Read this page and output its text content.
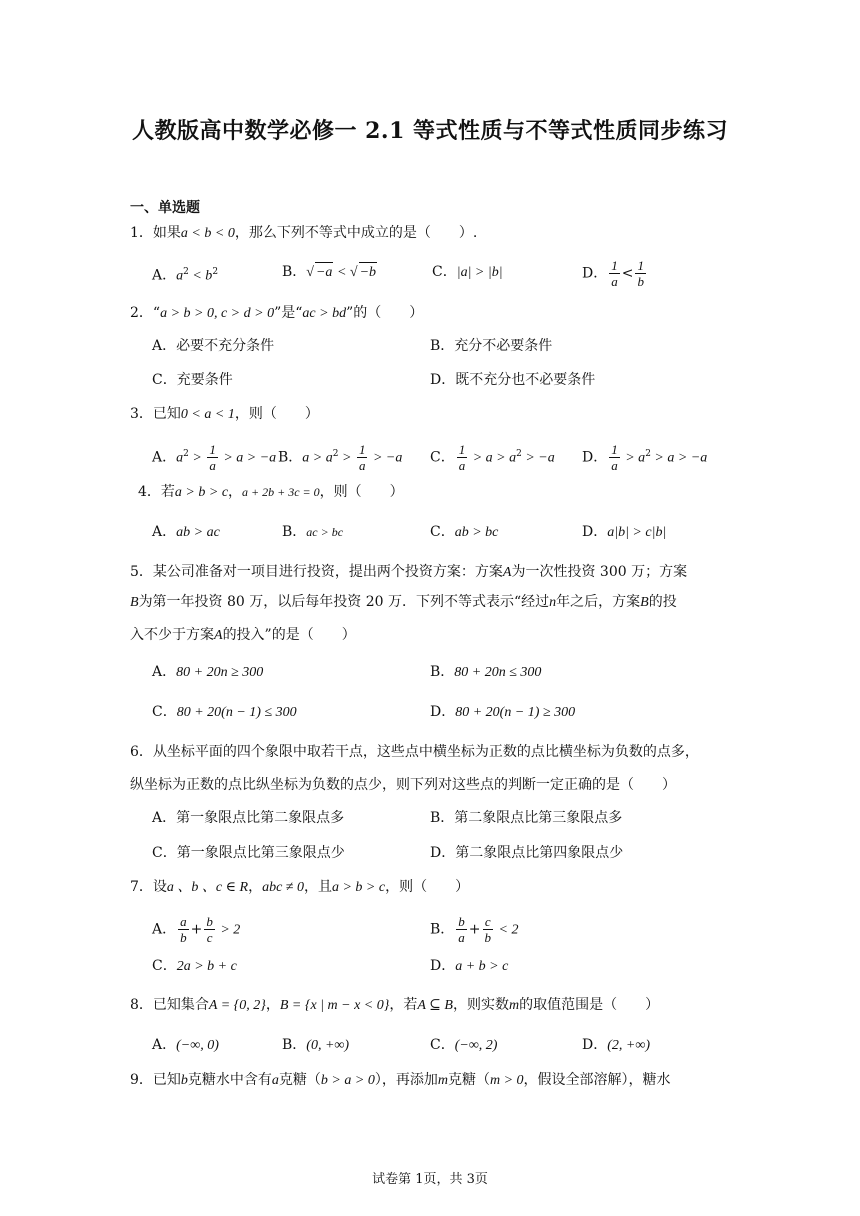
人教版高中数学必修一 2.1 等式性质与不等式性质同步练习
一、单选题
1．如果a < b < 0，那么下列不等式中成立的是（　　）.
A．$a^2 < b^2$	B．√ −a < √ −b	C．|a| > |b|	D． $\frac{1}{a} < \frac{1}{b}$
2．“a > b > 0, c > d > 0”是“ac > bd”的（　　）
A．必要不充分条件	B．充分不必要条件
C．充要条件	D．既不充分也不必要条件
3．已知0 < a < 1，则（　　）
A．$a^2 > \frac{1}{a} > a > -a$ B．$a > a^2 > \frac{1}{a} > -a$ C． $\frac{1}{a} > a > a^2 > -a$ D． $\frac{1}{a} > a^2 > a > -a$
4．若a > b > c，a + 2b + 3c = 0，则（　　）
A．ab > ac	B．ac > bc	C．ab > bc	D．a|b| > c|b|
5．某公司准备对一项目进行投资，提出两个投资方案：方案A为一次性投资 300 万；方案
B为第一年投资 80 万，以后每年投资 20 万．下列不等式表示“经过n年之后，方案B的投
入不少于方案A的投入”的是（　　）
A．80 + 20n ≥ 300	B．80 + 20n ≤ 300
C．80 + 20(n − 1) ≤ 300	D．80 + 20(n − 1) ≥ 300
6．从坐标平面的四个象限中取若干点，这些点中横坐标为正数的点比横坐标为负数的点多，
纵坐标为正数的点比纵坐标为负数的点少，则下列对这些点的判断一定正确的是（　　）
A．第一象限点比第二象限点多	B．第二象限点比第三象限点多
C．第一象限点比第三象限点少	D．第二象限点比第四象限点少
7．设a 、b 、c ∈ R，abc ≠ 0，且a > b > c，则（　　）
A． $\frac{a}{b} + \frac{b}{c} > 2$	B． $\frac{b}{a} + \frac{c}{b} < 2$
C．2a > b + c	D．a + b > c
8．已知集合A = {0, 2}，B = {x | m − x < 0}，若A ⊆ B，则实数m的取值范围是（　　）
A．(−∞, 0)	B．(0, +∞)	C．(−∞, 2)	D．(2, +∞)
9．已知b克糖水中含有a克糖（b > a > 0），再添加m克糖（m > 0，假设全部溶解），糖水
试卷第 1页，共 3页
